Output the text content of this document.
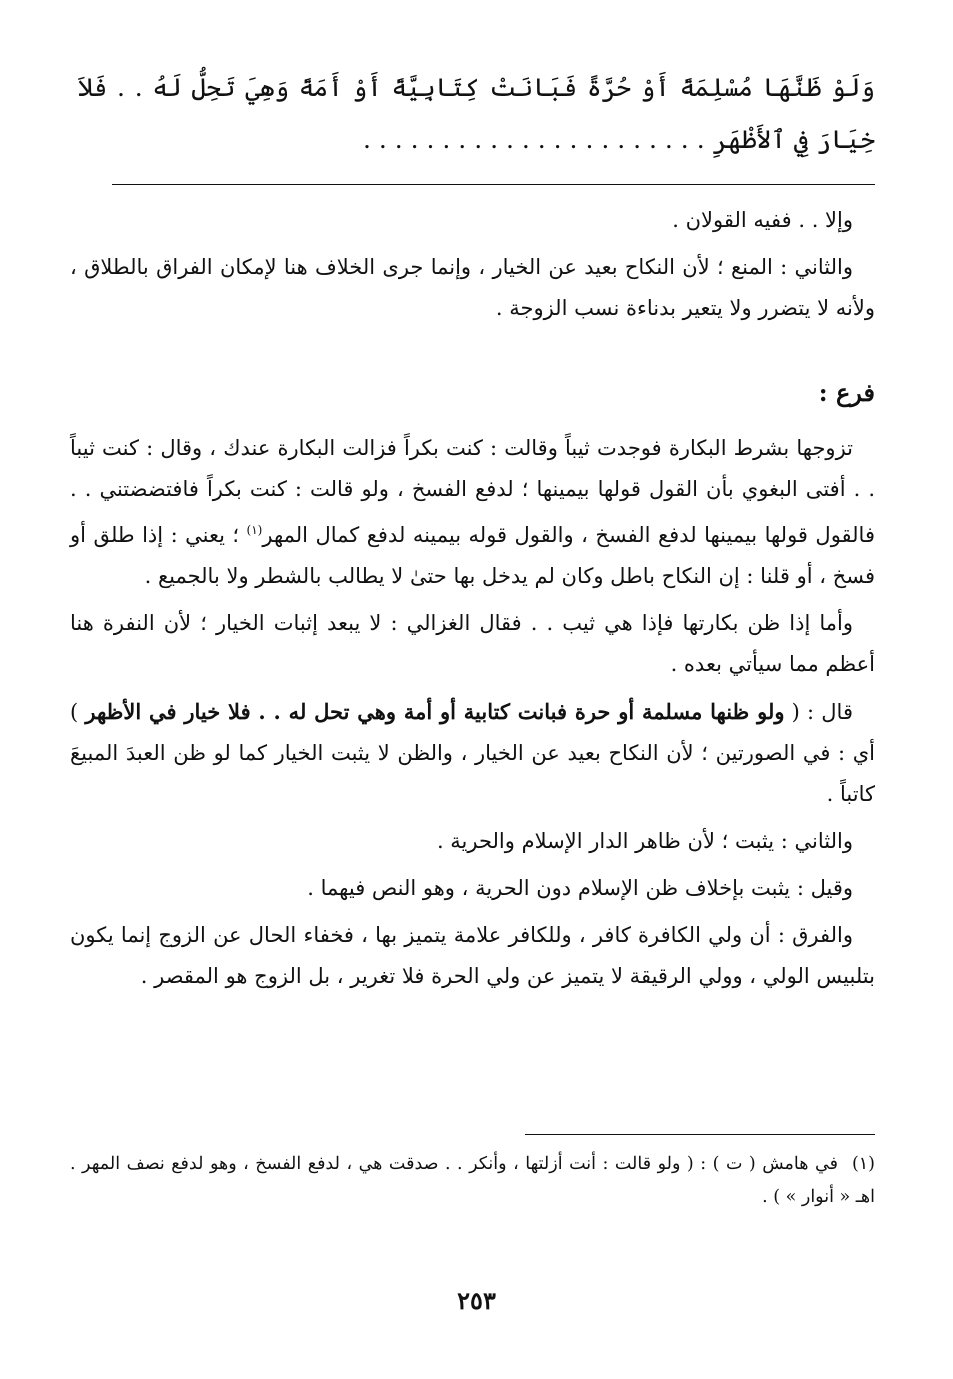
وَلَوْ ظَنَّهَا مُسْلِمَةً أَوْ حُرَّةً فَبَانَتْ كِتَابِيَّةً أَوْ أَمَةً وَهِيَ تَحِلُّ لَهُ . . فَلاَ خِيَارَ فِي ٱلأَظْهَرِ . . . . . . . . . . . . . . . . . . . . . .

وإلا . . ففيه القولان .

والثاني : المنع ؛ لأن النكاح بعيد عن الخيار ، وإنما جرى الخلاف هنا لإمكان الفراق بالطلاق ، ولأنه لا يتضرر ولا يتعير بدناءة نسب الزوجة .

فرع :

تزوجها بشرط البكارة فوجدت ثيباً وقالت : كنت بكراً فزالت البكارة عندك ، وقال : كنت ثيباً . . أفتى البغوي بأن القول قولها بيمينها ؛ لدفع الفسخ ، ولو قالت : كنت بكراً فافتضضتني . . فالقول قولها بيمينها لدفع الفسخ ، والقول قوله بيمينه لدفع كمال المهر$^{(١)}$ ؛ يعني : إذا طلق أو فسخ ، أو قلنا : إن النكاح باطل وكان لم يدخل بها حتىٰ لا يطالب بالشطر ولا بالجميع .

وأما إذا ظن بكارتها فإذا هي ثيب . . فقال الغزالي : لا يبعد إثبات الخيار ؛ لأن النفرة هنا أعظم مما سيأتي بعده .

قال : ( ولو ظنها مسلمة أو حرة فبانت كتابية أو أمة وهي تحل له . . فلا خيار في الأظهر ) أي : في الصورتين ؛ لأن النكاح بعيد عن الخيار ، والظن لا يثبت الخيار كما لو ظن العبدَ المبيعَ كاتباً .

والثاني : يثبت ؛ لأن ظاهر الدار الإسلام والحرية .

وقيل : يثبت بإخلاف ظن الإسلام دون الحرية ، وهو النص فيهما .

والفرق : أن ولي الكافرة كافر ، وللكافر علامة يتميز بها ، فخفاء الحال عن الزوج إنما يكون بتلبيس الولي ، وولي الرقيقة لا يتميز عن ولي الحرة فلا تغرير ، بل الزوج هو المقصر .

(١)في هامش ( ت ) : ( ولو قالت : أنت أزلتها ، وأنكر . . صدقت هي ، لدفع الفسخ ، وهو لدفع نصف المهر . اهـ « أنوار » ) .
٢٥٣
